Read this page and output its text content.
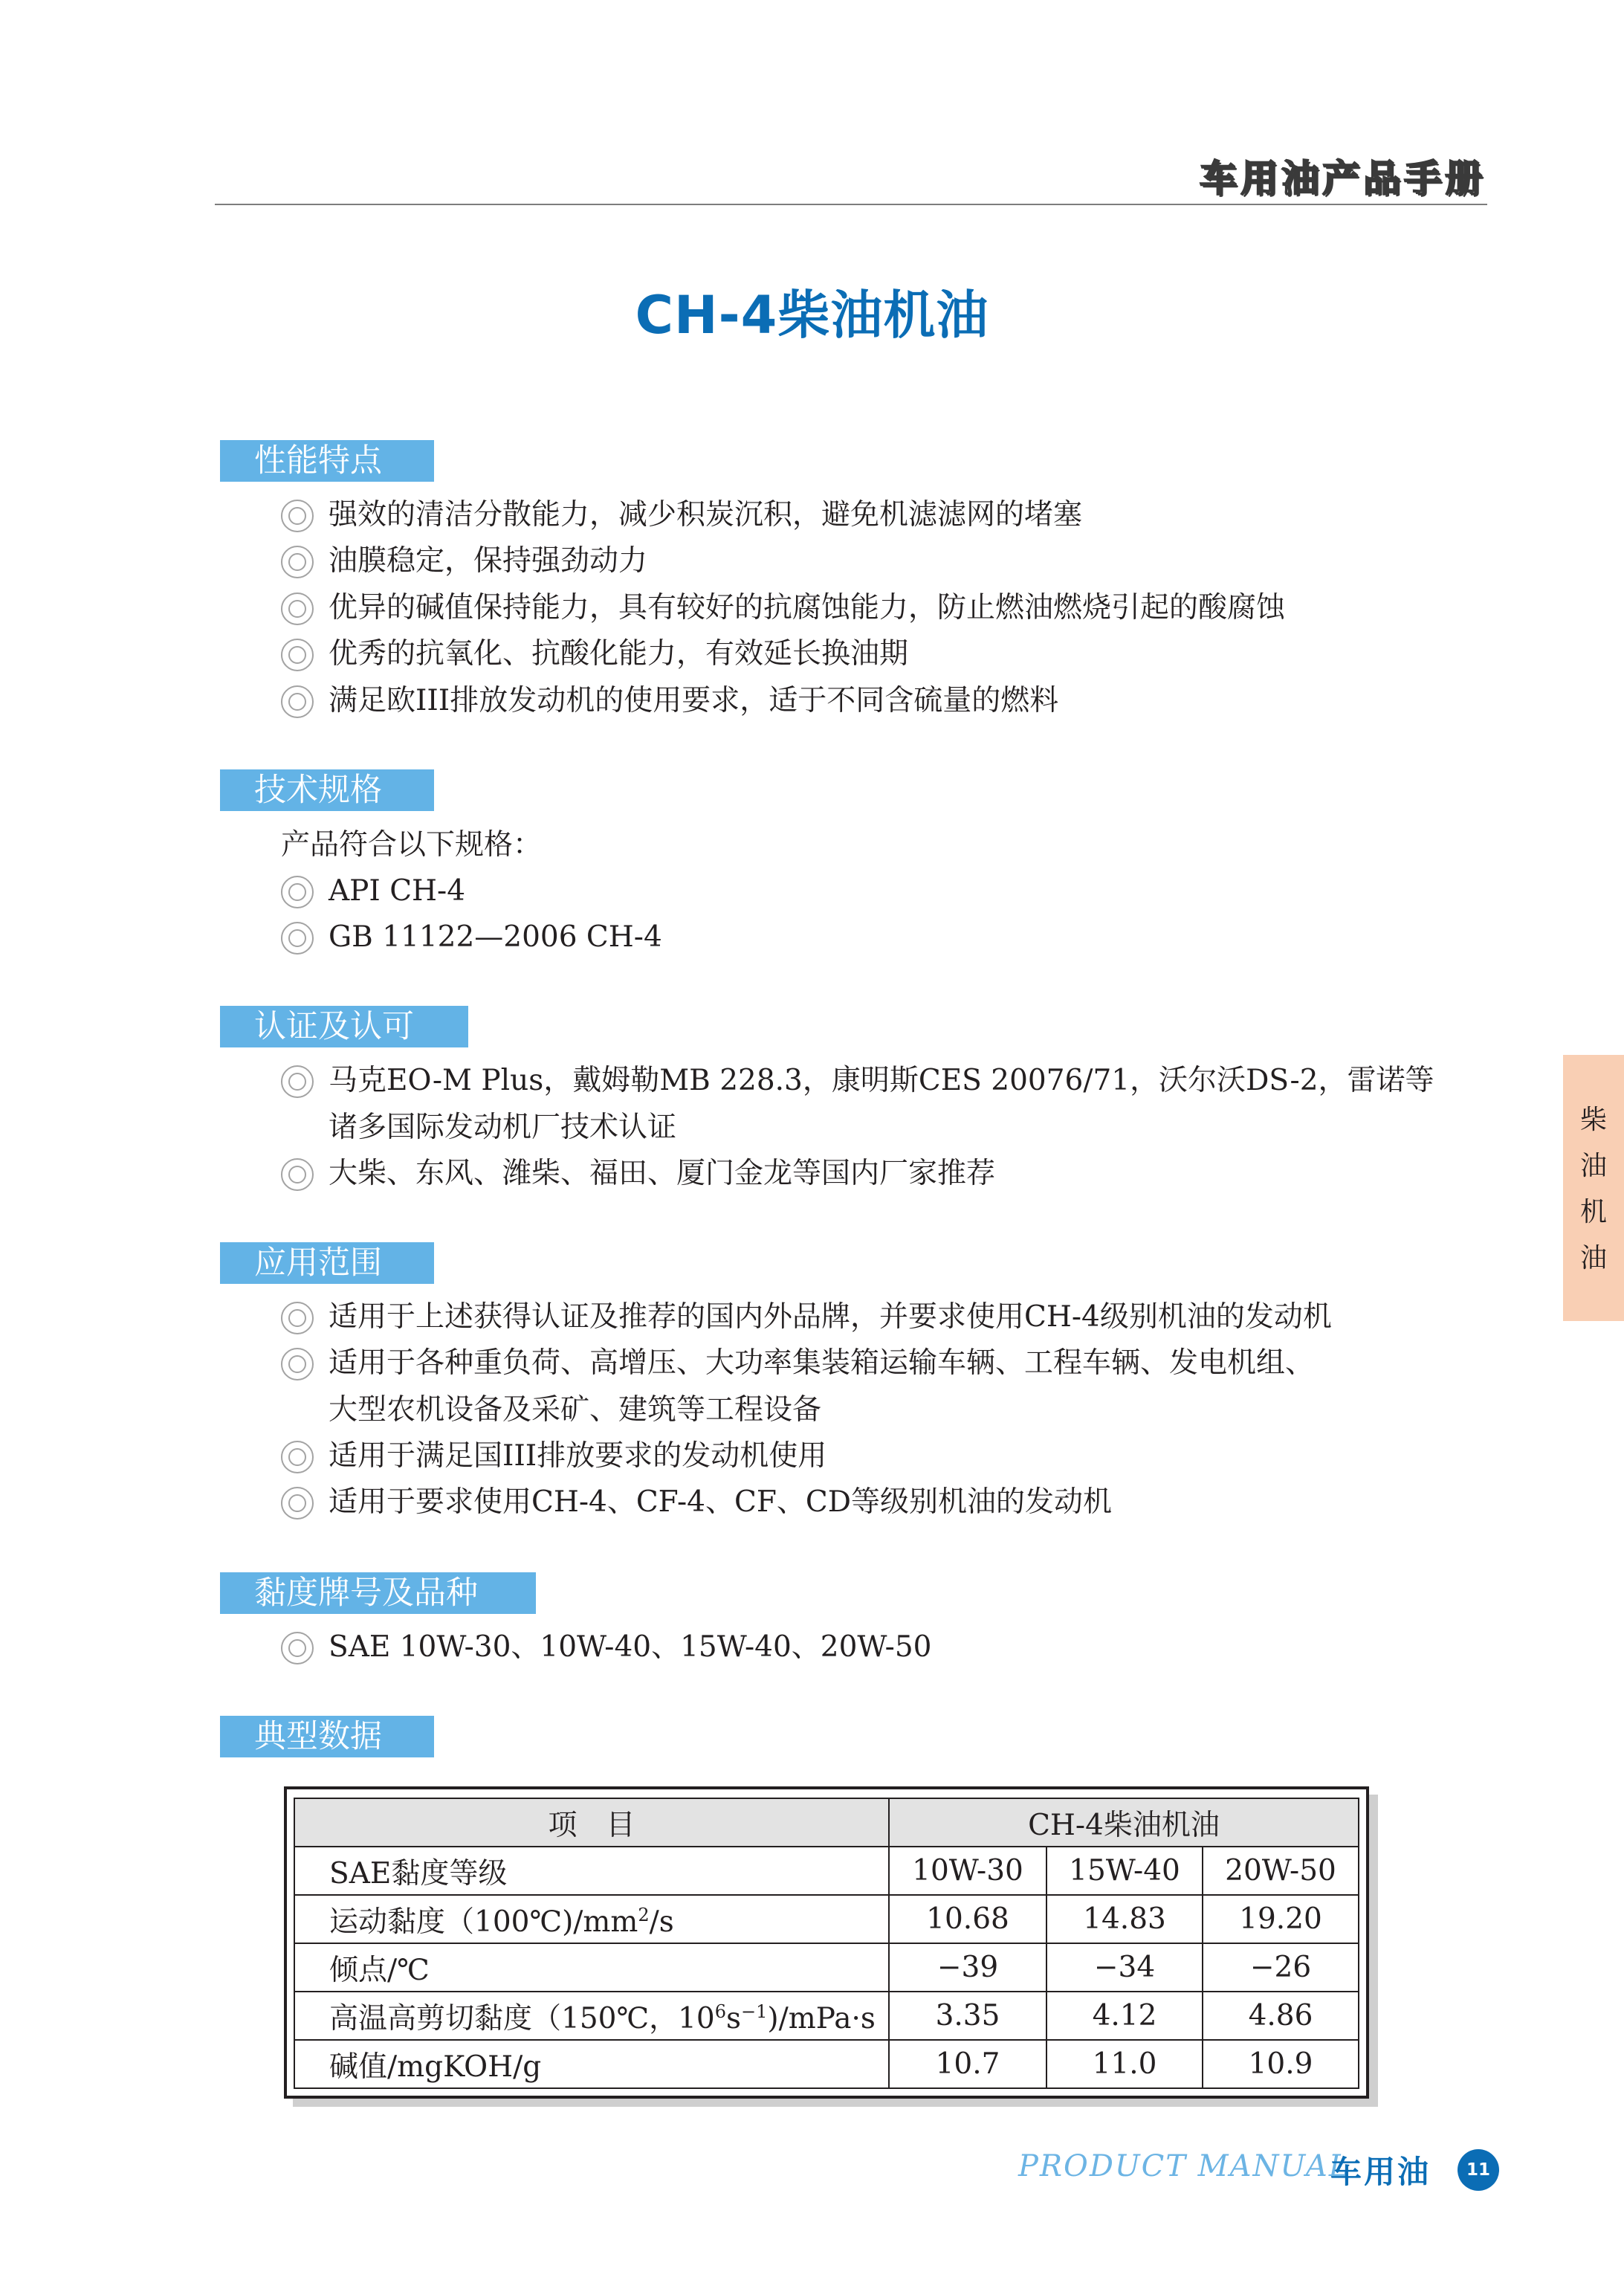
车用油产品手册
CH-4柴油机油
性能特点
强效的清洁分散能力，减少积炭沉积，避免机滤滤网的堵塞
油膜稳定，保持强劲动力
优异的碱值保持能力，具有较好的抗腐蚀能力，防止燃油燃烧引起的酸腐蚀
优秀的抗氧化、抗酸化能力，有效延长换油期
满足欧III排放发动机的使用要求，适于不同含硫量的燃料
技术规格
产品符合以下规格：
API CH-4
GB 11122—2006 CH-4
认证及认可
马克EO-M Plus，戴姆勒MB 228.3，康明斯CES 20076/71，沃尔沃DS-2，雷诺等
诸多国际发动机厂技术认证
大柴、东风、潍柴、福田、厦门金龙等国内厂家推荐
应用范围
适用于上述获得认证及推荐的国内外品牌，并要求使用CH-4级别机油的发动机
适用于各种重负荷、高增压、大功率集装箱运输车辆、工程车辆、发电机组、
大型农机设备及采矿、建筑等工程设备
适用于满足国III排放要求的发动机使用
适用于要求使用CH-4、CF-4、CF、CD等级别机油的发动机
黏度牌号及品种
SAE 10W-30、10W-40、15W-40、20W-50
典型数据
项　目	CH-4柴油机油		
SAE黏度等级	10W-30	15W-40	20W-50
运动黏度$(100℃)/mm^2/s$	10.68	14.83	19.20
倾点/℃	−39	−34	−26
高温高剪切黏度（150℃，$10^6s^{-1})/mPa\cdot s$	3.35	4.12	4.86
碱值/mgKOH/g	10.7	11.0	10.9
柴
油
机
油
PRODUCT MANUAL
车用油	11
